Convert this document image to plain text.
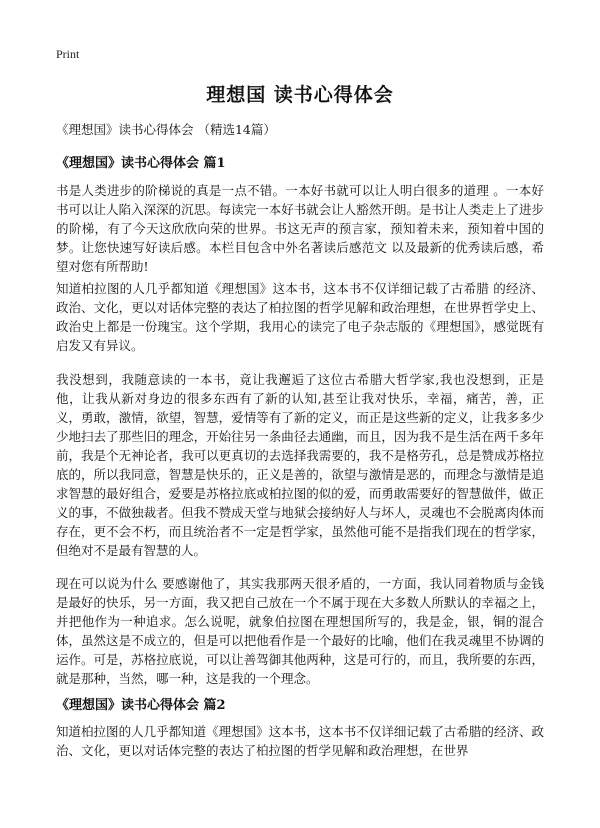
Print
理想国 读书心得体会
《理想国》读书心得体会 （精选14篇）
《理想国》读书心得体会 篇1

书是人类进步的阶梯说的真是一点不错。一本好书就可以让人明白很多的道理 。一本好书可以让人陷入深深的沉思。每读完一本好书就会让人豁然开朗。是书让人类走上了进步的阶梯，有了今天这欣欣向荣的世界。书这无声的预言家，预知着未来，预知着中国的梦。让您快速写好读后感。本栏目包含中外名著读后感范文 以及最新的优秀读后感，希望对您有所帮助!

知道柏拉图的人几乎都知道《理想国》这本书，这本书不仅详细记载了古希腊 的经济、政治、文化，更以对话体完整的表达了柏拉图的哲学见解和政治理想，在世界哲学史上、政治史上都是一份瑰宝。这个学期，我用心的读完了电子杂志版的《理想国》，感觉既有启发又有异议。

我没想到，我随意读的一本书，竟让我邂逅了这位古希腊大哲学家,我也没想到，正是他，让我从新对身边的很多东西有了新的认知,甚至让我对快乐，幸福，痛苦，善，正义，勇敢，激情，欲望，智慧，爱情等有了新的定义，而正是这些新的定义，让我多多少少地扫去了那些旧的理念，开始往另一条曲径去通幽，而且，因为我不是生活在两千多年前，我是个无神论者，我可以更真切的去选择我需要的，我不是格劳孔，总是赞成苏格拉底的，所以我同意，智慧是快乐的，正义是善的，欲望与激情是恶的，而理念与激情是追求智慧的最好组合，爱要是苏格拉底或柏拉图的似的爱，而勇敢需要好的智慧做伴，做正义的事，不做独裁者。但我不赞成天堂与地狱会接纳好人与坏人，灵魂也不会脱离肉体而存在，更不会不朽，而且统治者不一定是哲学家，虽然他可能不是指我们现在的哲学家，但绝对不是最有智慧的人。

现在可以说为什么 要感谢他了，其实我那两天很矛盾的，一方面，我认同着物质与金钱是最好的快乐，另一方面，我又把自己放在一个不属于现在大多数人所默认的幸福之上，并把他作为一种追求。怎么说呢，就象伯拉图在理想国所写的，我是金，银，铜的混合体，虽然这是不成立的，但是可以把他看作是一个最好的比喻，他们在我灵魂里不协调的运作。可是，苏格拉底说，可以让善驾御其他两种，这是可行的，而且，我所要的东西，就是那种，当然，哪一种，这是我的一个理念。

《理想国》读书心得体会 篇2

知道柏拉图的人几乎都知道《理想国》这本书，这本书不仅详细记载了古希腊的经济、政治、文化，更以对话体完整的表达了柏拉图的哲学见解和政治理想，在世界
